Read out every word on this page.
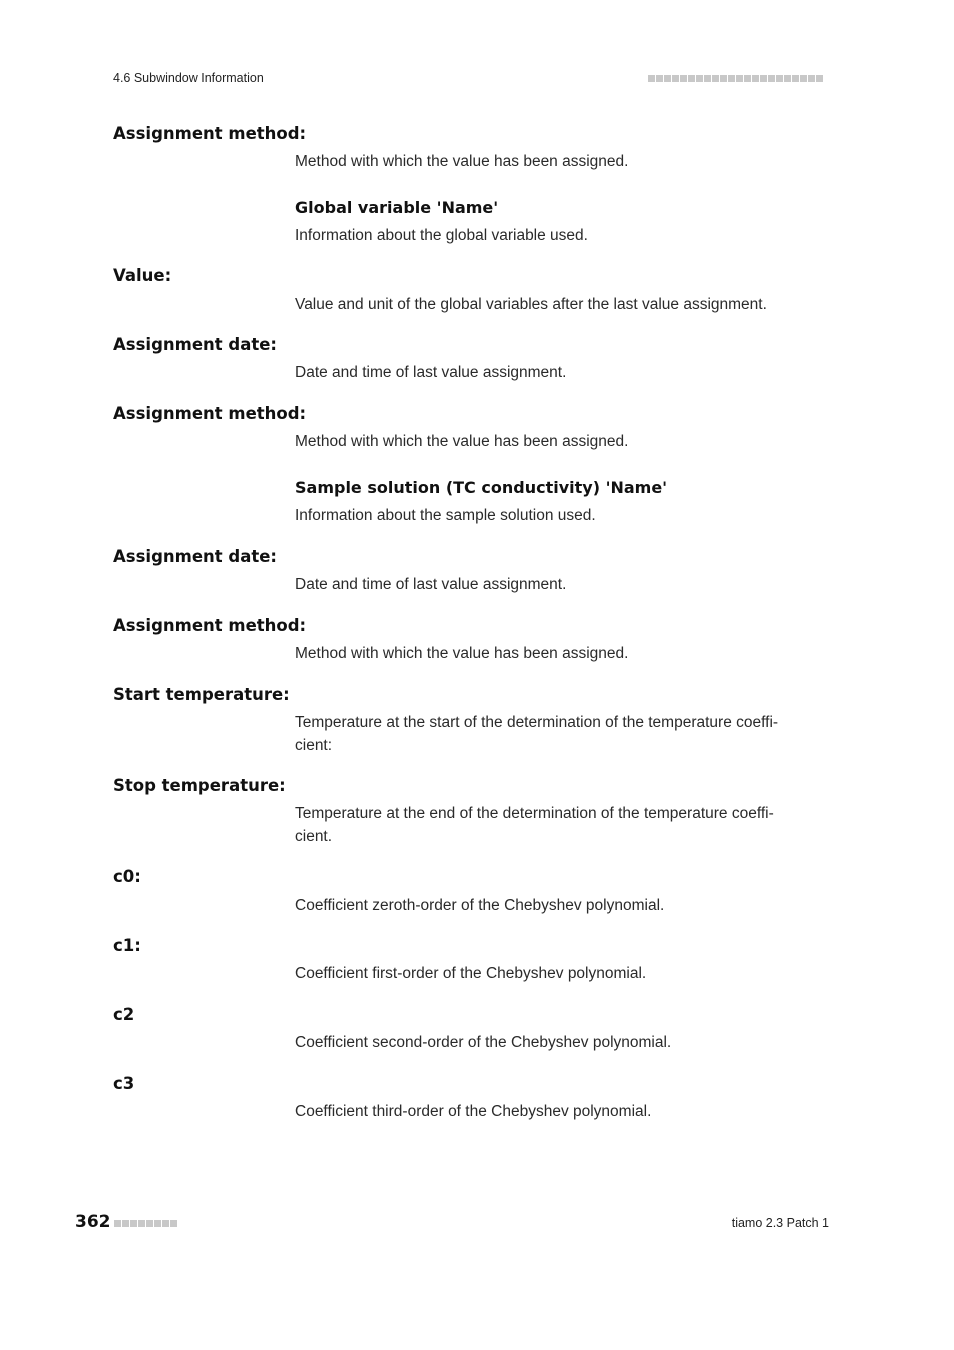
4.6 Subwindow Information
Assignment method:
Method with which the value has been assigned.
Global variable 'Name'
Information about the global variable used.
Value:
Value and unit of the global variables after the last value assignment.
Assignment date:
Date and time of last value assignment.
Assignment method:
Method with which the value has been assigned.
Sample solution (TC conductivity) 'Name'
Information about the sample solution used.
Assignment date:
Date and time of last value assignment.
Assignment method:
Method with which the value has been assigned.
Start temperature:
Temperature at the start of the determination of the temperature coeffi-
cient:
Stop temperature:
Temperature at the end of the determination of the temperature coeffi-
cient.
c0:
Coefficient zeroth-order of the Chebyshev polynomial.
c1:
Coefficient first-order of the Chebyshev polynomial.
c2
Coefficient second-order of the Chebyshev polynomial.
c3
Coefficient third-order of the Chebyshev polynomial.
362	tiamo 2.3 Patch 1
